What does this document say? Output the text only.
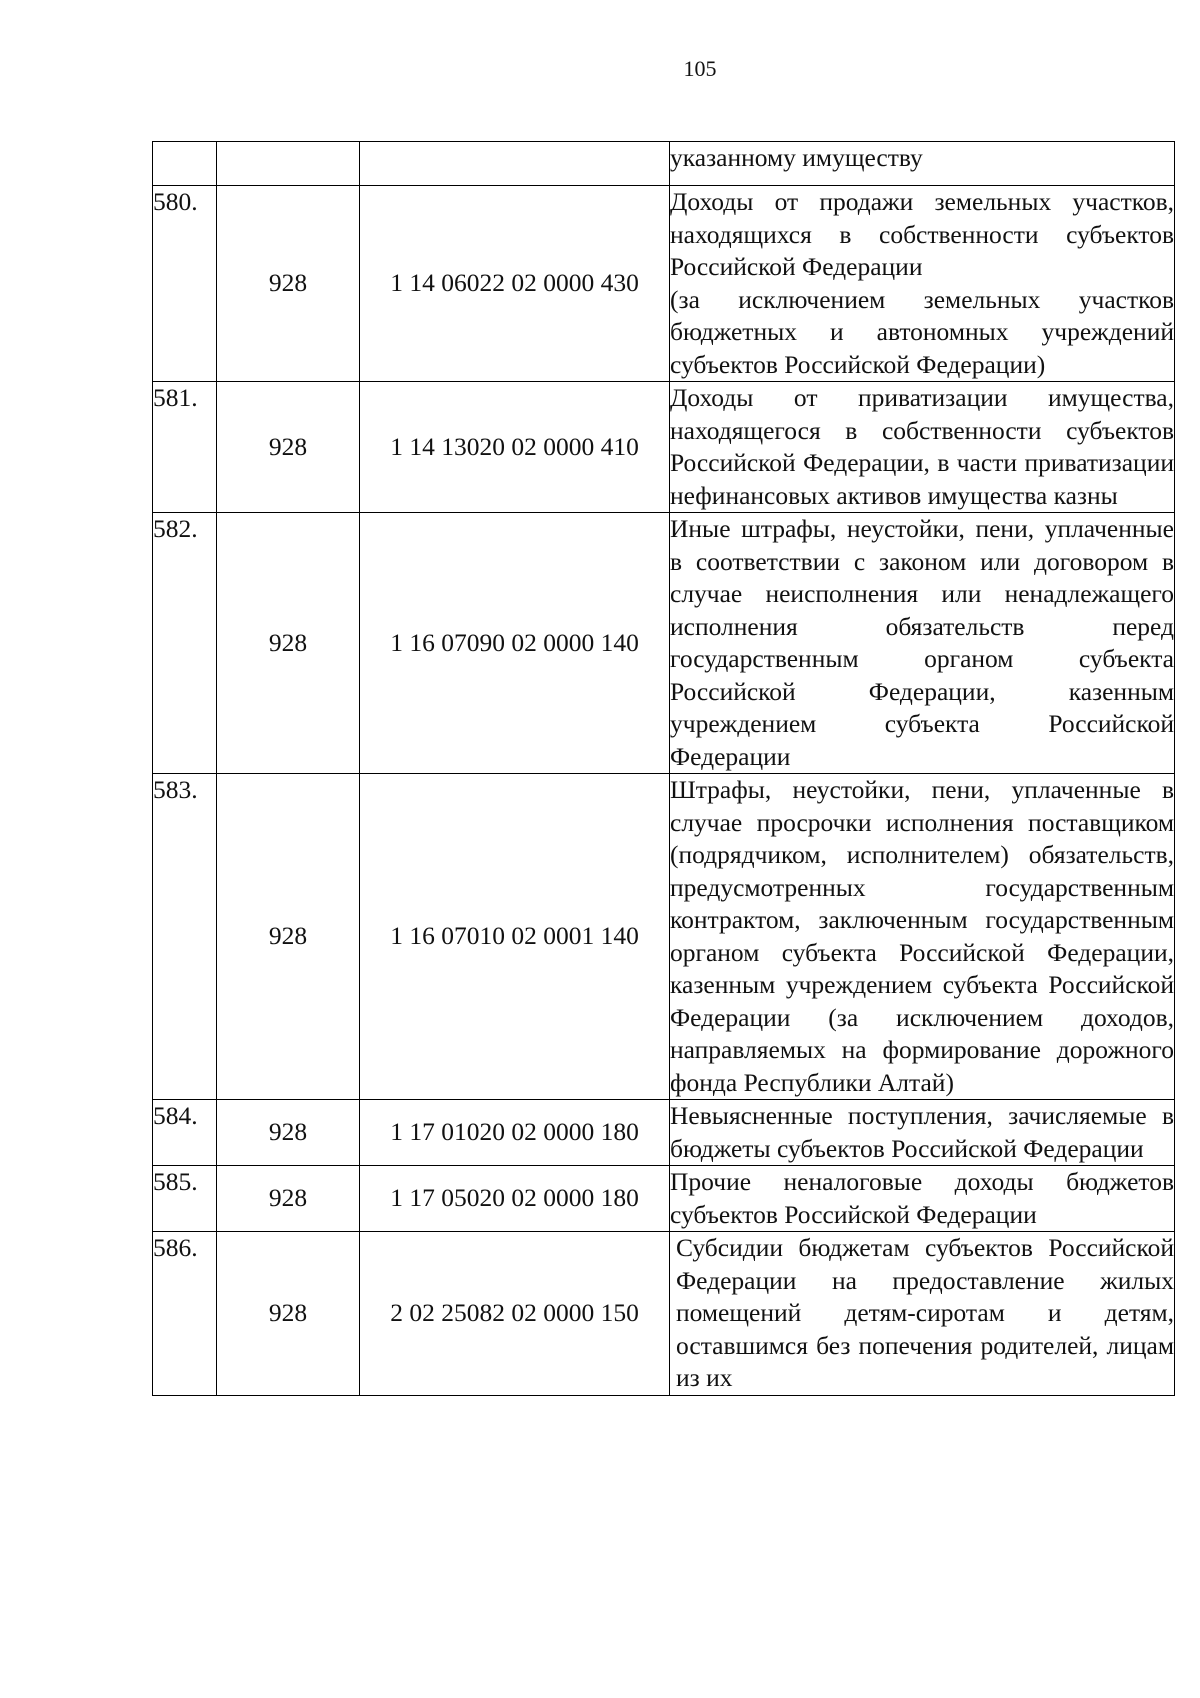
105

			указанному имуществу

580.	928	1 14 06022 02 0000 430	Доходы от продажи земельных участков, находящихся в собственности субъектов Российской Федерации
(за исключением земельных участков бюджетных и автономных учреждений субъектов Российской Федерации)

581.	928	1 14 13020 02 0000 410	Доходы от приватизации имущества, находящегося в собственности субъектов Российской Федерации, в части приватизации нефинансовых активов имущества казны

582.	928	1 16 07090 02 0000 140	Иные штрафы, неустойки, пени, уплаченные в соответствии с законом или договором в случае неисполнения или ненадлежащего исполнения обязательств перед государственным органом субъекта Российской Федерации, казенным учреждением субъекта Российской Федерации

583.	928	1 16 07010 02 0001 140	Штрафы, неустойки, пени, уплаченные в случае просрочки исполнения поставщиком (подрядчиком, исполнителем) обязательств, предусмотренных государственным контрактом, заключенным государственным органом субъекта Российской Федерации, казенным учреждением субъекта Российской Федерации (за исключением доходов, направляемых на формирование дорожного фонда Республики Алтай)

584.	928	1 17 01020 02 0000 180	Невыясненные поступления, зачисляемые в бюджеты субъектов Российской Федерации

585.	928	1 17 05020 02 0000 180	Прочие неналоговые доходы бюджетов субъектов Российской Федерации

586.	928	2 02 25082 02 0000 150	Субсидии бюджетам субъектов Российской Федерации на предоставление жилых помещений детям-сиротам и детям, оставшимся без попечения родителей, лицам из их
